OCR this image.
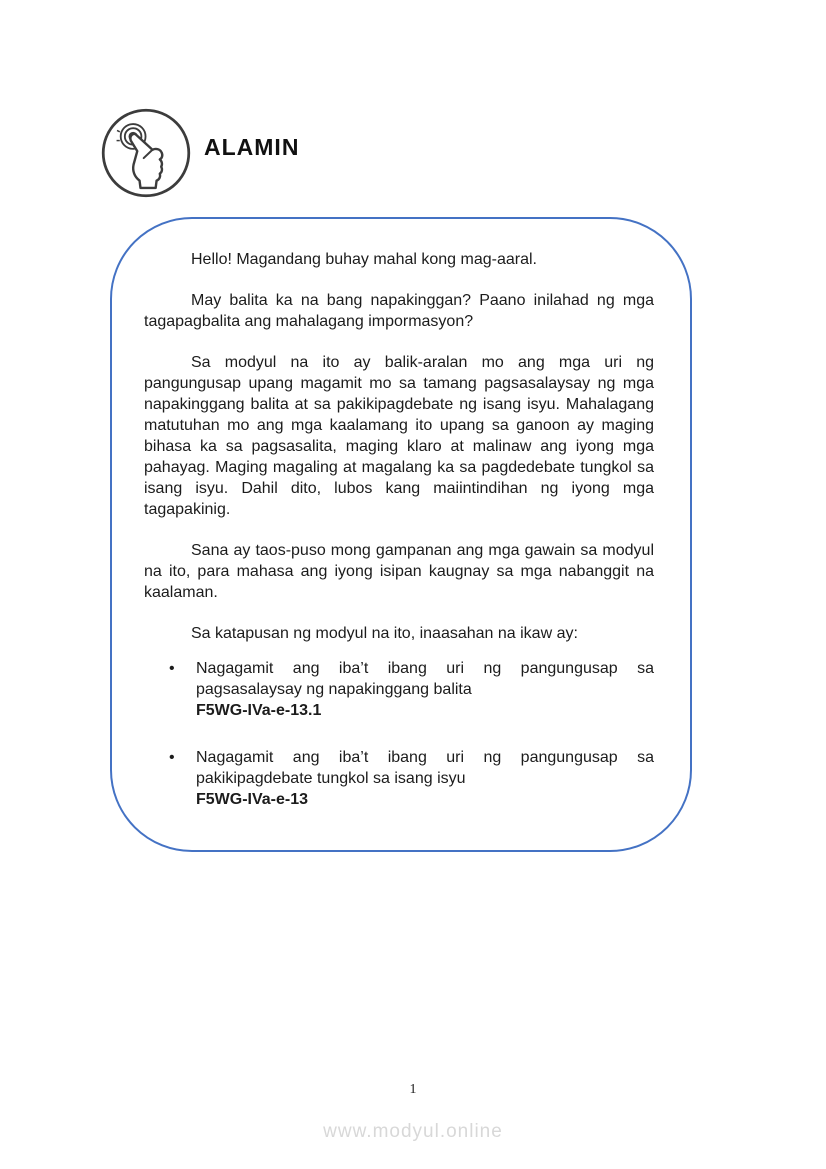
ALAMIN

Hello! Magandang buhay mahal kong mag-aaral.

May balita ka na bang napakinggan? Paano inilahad ng mga tagapagbalita ang mahalagang impormasyon?

Sa modyul na ito ay balik-aralan mo ang mga uri ng pangungusap upang magamit mo sa tamang pagsasalaysay ng mga napakinggang balita at sa pakikipagdebate ng isang isyu. Mahalagang matutuhan mo ang mga kaalamang ito upang sa ganoon ay maging bihasa ka sa pagsasalita, maging klaro at malinaw ang iyong mga pahayag. Maging magaling at magalang ka sa pagdedebate tungkol sa isang isyu. Dahil dito, lubos kang maiintindihan ng iyong mga tagapakinig.

Sana ay taos-puso mong gampanan ang mga gawain sa modyul na ito, para mahasa ang iyong isipan kaugnay sa mga nabanggit na kaalaman.

Sa katapusan ng modyul na ito, inaasahan na ikaw ay:

• Nagagamit ang iba’t ibang uri ng pangungusap sa pagsasalaysay ng napakinggang balita
F5WG-IVa-e-13.1
• Nagagamit ang iba’t ibang uri ng pangungusap sa pakikipagdebate tungkol sa isang isyu
F5WG-IVa-e-13
1
www.modyul.online
